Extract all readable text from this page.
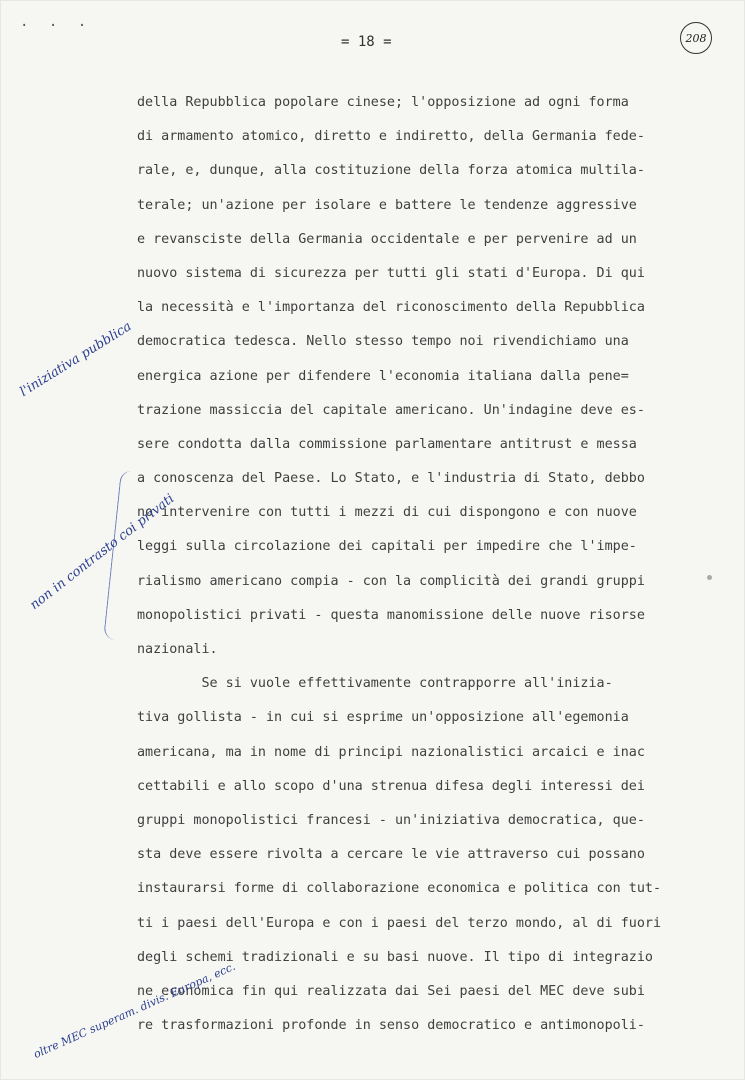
. . .
= 18 =	208
della Repubblica popolare cinese; l'opposizione ad ogni forma
di armamento atomico, diretto e indiretto, della Germania fede-
rale, e, dunque, alla costituzione della forza atomica multila-
terale; un'azione per isolare e battere le tendenze aggressive
e revansciste della Germania occidentale e per pervenire ad un
nuovo sistema di sicurezza per tutti gli stati d'Europa. Di qui
la necessità e l'importanza del riconoscimento della Repubblica
democratica tedesca. Nello stesso tempo noi rivendichiamo una
energica azione per difendere l'economia italiana dalla pene=
trazione massiccia del capitale americano. Un'indagine deve es-
sere condotta dalla commissione parlamentare antitrust e messa
a conoscenza del Paese. Lo Stato, e l'industria di Stato, debbo
no intervenire con tutti i mezzi di cui dispongono e con nuove
leggi sulla circolazione dei capitali per impedire che l'impe-
rialismo americano compia - con la complicità dei grandi gruppi
monopolistici privati - questa manomissione delle nuove risorse
nazionali.
Se si vuole effettivamente contrapporre all'inizia-
tiva gollista - in cui si esprime un'opposizione all'egemonia
americana, ma in nome di principi nazionalistici arcaici e inac
cettabili e allo scopo d'una strenua difesa degli interessi dei
gruppi monopolistici francesi - un'iniziativa democratica, que-
sta deve essere rivolta a cercare le vie attraverso cui possano
instaurarsi forme di collaborazione economica e politica con tut-
ti i paesi dell'Europa e con i paesi del terzo mondo, al di fuori
degli schemi tradizionali e su basi nuove. Il tipo di integrazio
ne economica fin qui realizzata dai Sei paesi del MEC deve subi
re trasformazioni profonde in senso democratico e antimonopoli-
l'iniziativa pubblica
non in contrasto coi privati
oltre MEC superam. divis. Europa, ecc.
